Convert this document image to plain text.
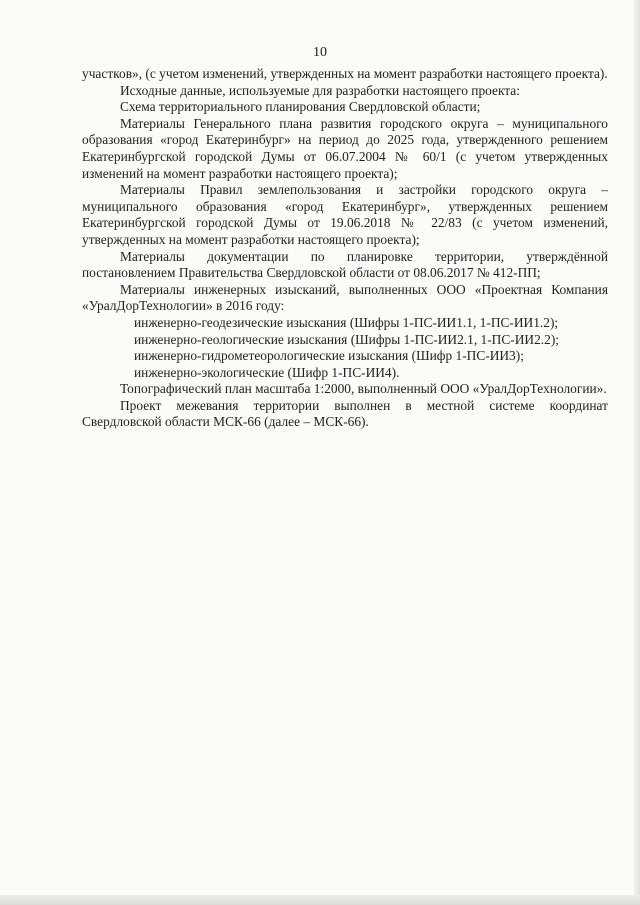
10

участков», (с учетом изменений, утвержденных на момент разработки настоящего проекта).

Исходные данные, используемые для разработки настоящего проекта:

Схема территориального планирования Свердловской области;

Материалы Генерального плана развития городского округа – муниципального образования «город Екатеринбург» на период до 2025 года, утвержденного решением Екатеринбургской городской Думы от 06.07.2004 № 60/1 (с учетом утвержденных изменений на момент разработки настоящего проекта);

Материалы Правил землепользования и застройки городского округа – муниципального образования «город Екатеринбург», утвержденных решением Екатеринбургской городской Думы от 19.06.2018 № 22/83 (с учетом изменений, утвержденных на момент разработки настоящего проекта);

Материалы документации по планировке территории, утверждённой постановлением Правительства Свердловской области от 08.06.2017 № 412-ПП;

Материалы инженерных изысканий, выполненных ООО «Проектная Компания «УралДорТехнологии» в 2016 году:

инженерно-геодезические изыскания (Шифры 1-ПС-ИИ1.1, 1-ПС-ИИ1.2);

инженерно-геологические изыскания (Шифры 1-ПС-ИИ2.1, 1-ПС-ИИ2.2);

инженерно-гидрометеорологические изыскания (Шифр 1-ПС-ИИ3);

инженерно-экологические (Шифр 1-ПС-ИИ4).

Топографический план масштаба 1:2000, выполненный ООО «УралДорТехнологии».

Проект межевания территории выполнен в местной системе координат Свердловской области МСК-66 (далее – МСК-66).
